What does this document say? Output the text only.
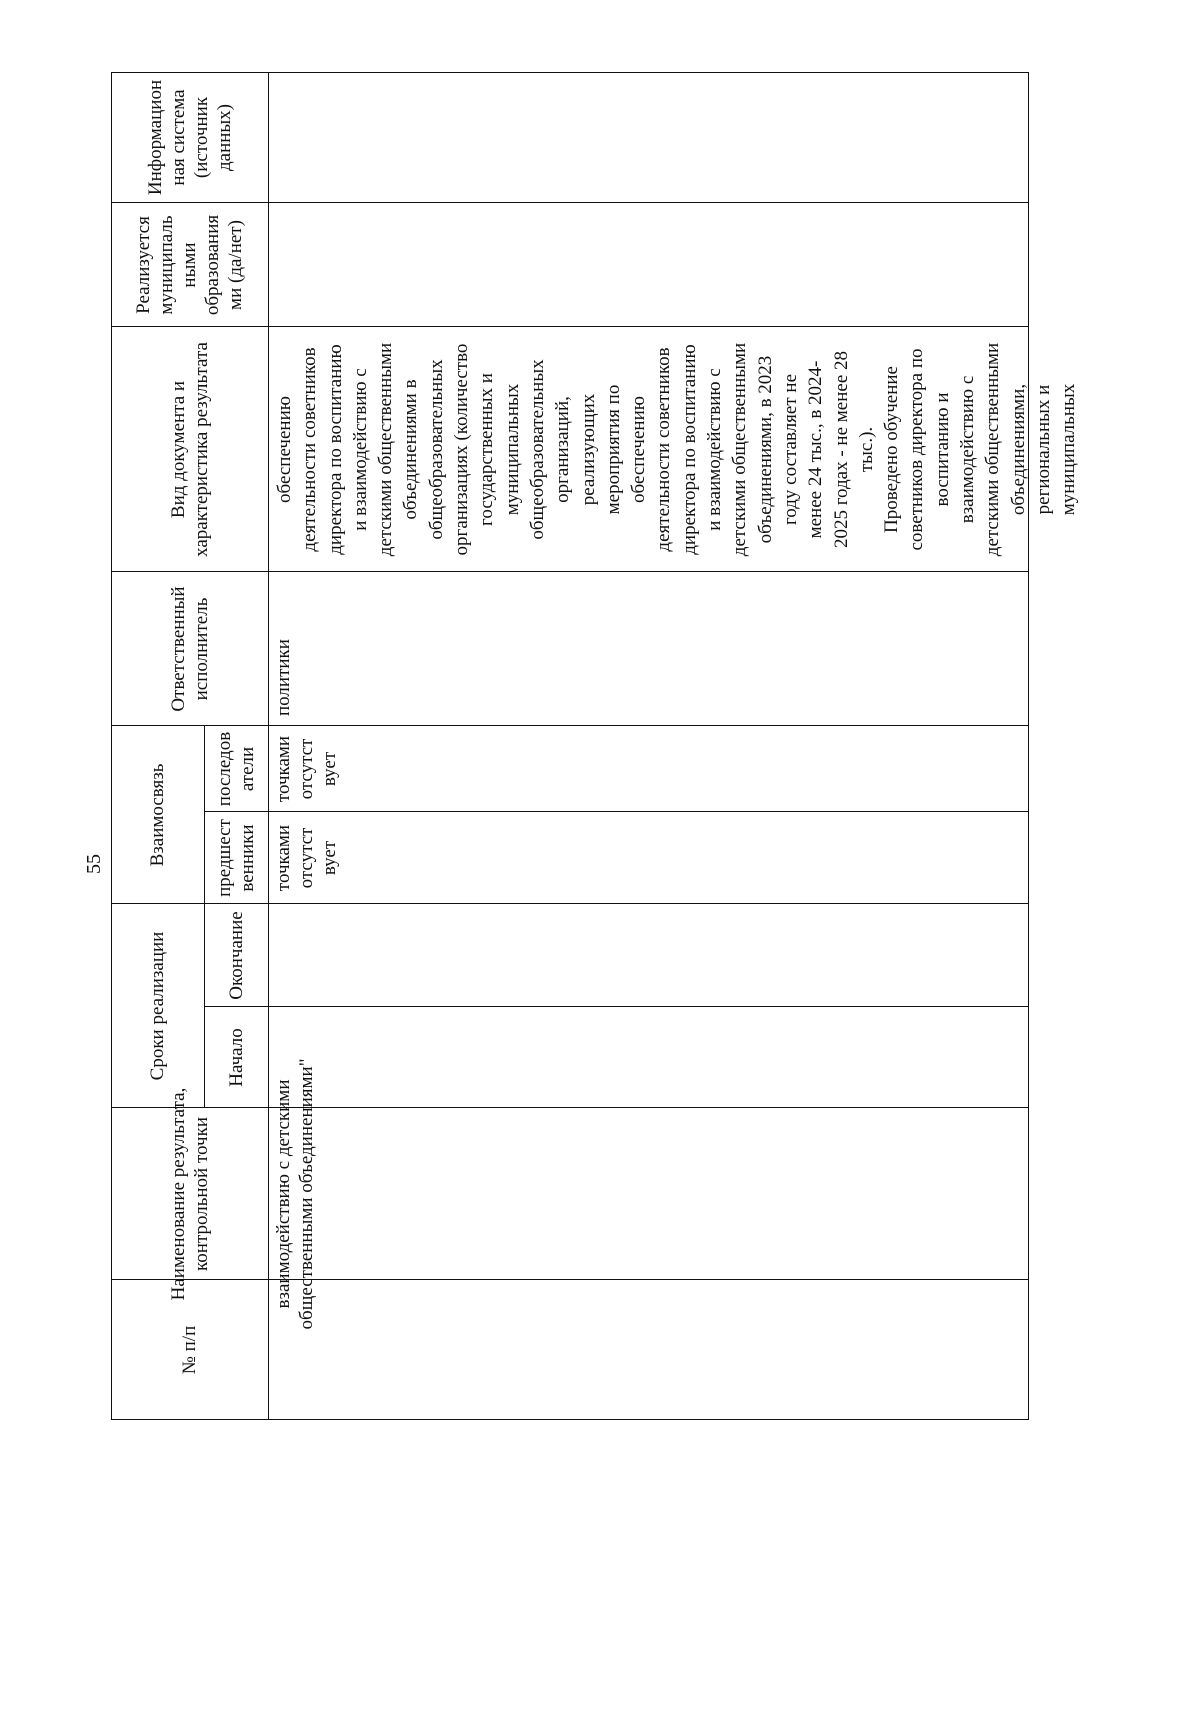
55
№ п/п
Наименование результата, контрольной точки
Сроки реализации	Начало
Окончание
Взаимосвязь предшест венники
последов атели
Ответственный исполнитель
Вид документа и характеристика результата
Реализуется муниципаль ными образования ми (да/нет)
Информацион ная система (источник данных)
взаимодействию с детскими общественными объединениями"
точками отсутст вует
точками отсутст вует
политики
обеспечению деятельности советников директора по воспитанию и взаимодействию с детскими общественными объединениями в общеобразовательных организациях (количество государственных и муниципальных общеобразовательных организаций, реализующих мероприятия по обеспечению деятельности советников директора по воспитанию и взаимодействию с детскими общественными объединениями, в 2023 году составляет не менее 24 тыс., в 2024- 2025 годах - не менее 28 тыс.). Проведено обучение советников директора по воспитанию и взаимодействию с детскими общественными объединениями, региональных и муниципальных
